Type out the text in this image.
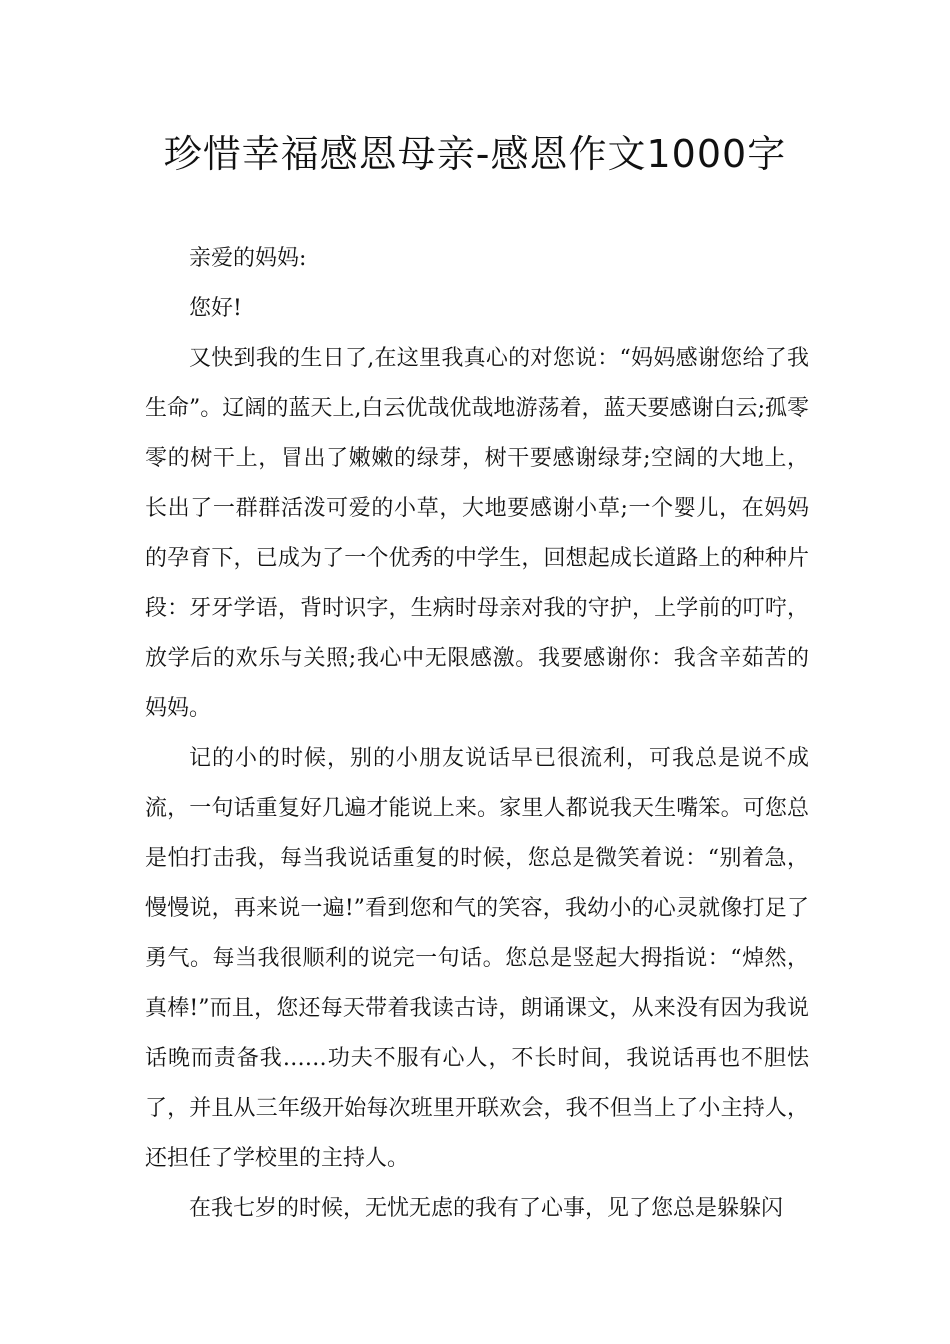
珍惜幸福感恩母亲-感恩作文1000字

亲爱的妈妈:

您好!

又快到我的生日了,在这里我真心的对您说：“妈妈感谢您给了我生命”。辽阔的蓝天上,白云优哉优哉地游荡着，蓝天要感谢白云;孤零零的树干上，冒出了嫩嫩的绿芽，树干要感谢绿芽;空阔的大地上，长出了一群群活泼可爱的小草，大地要感谢小草;一个婴儿，在妈妈的孕育下，已成为了一个优秀的中学生，回想起成长道路上的种种片段：牙牙学语，背时识字，生病时母亲对我的守护，上学前的叮咛，放学后的欢乐与关照;我心中无限感激。我要感谢你：我含辛茹苦的妈妈。

记的小的时候，别的小朋友说话早已很流利，可我总是说不成流，一句话重复好几遍才能说上来。家里人都说我天生嘴笨。可您总是怕打击我，每当我说话重复的时候，您总是微笑着说：“别着急，慢慢说，再来说一遍!”看到您和气的笑容，我幼小的心灵就像打足了勇气。每当我很顺利的说完一句话。您总是竖起大拇指说：“焯然，真棒!”而且，您还每天带着我读古诗，朗诵课文，从来没有因为我说话晚而责备我……功夫不服有心人，不长时间，我说话再也不胆怯了，并且从三年级开始每次班里开联欢会，我不但当上了小主持人，还担任了学校里的主持人。

在我七岁的时候，无忧无虑的我有了心事，见了您总是躲躲闪
